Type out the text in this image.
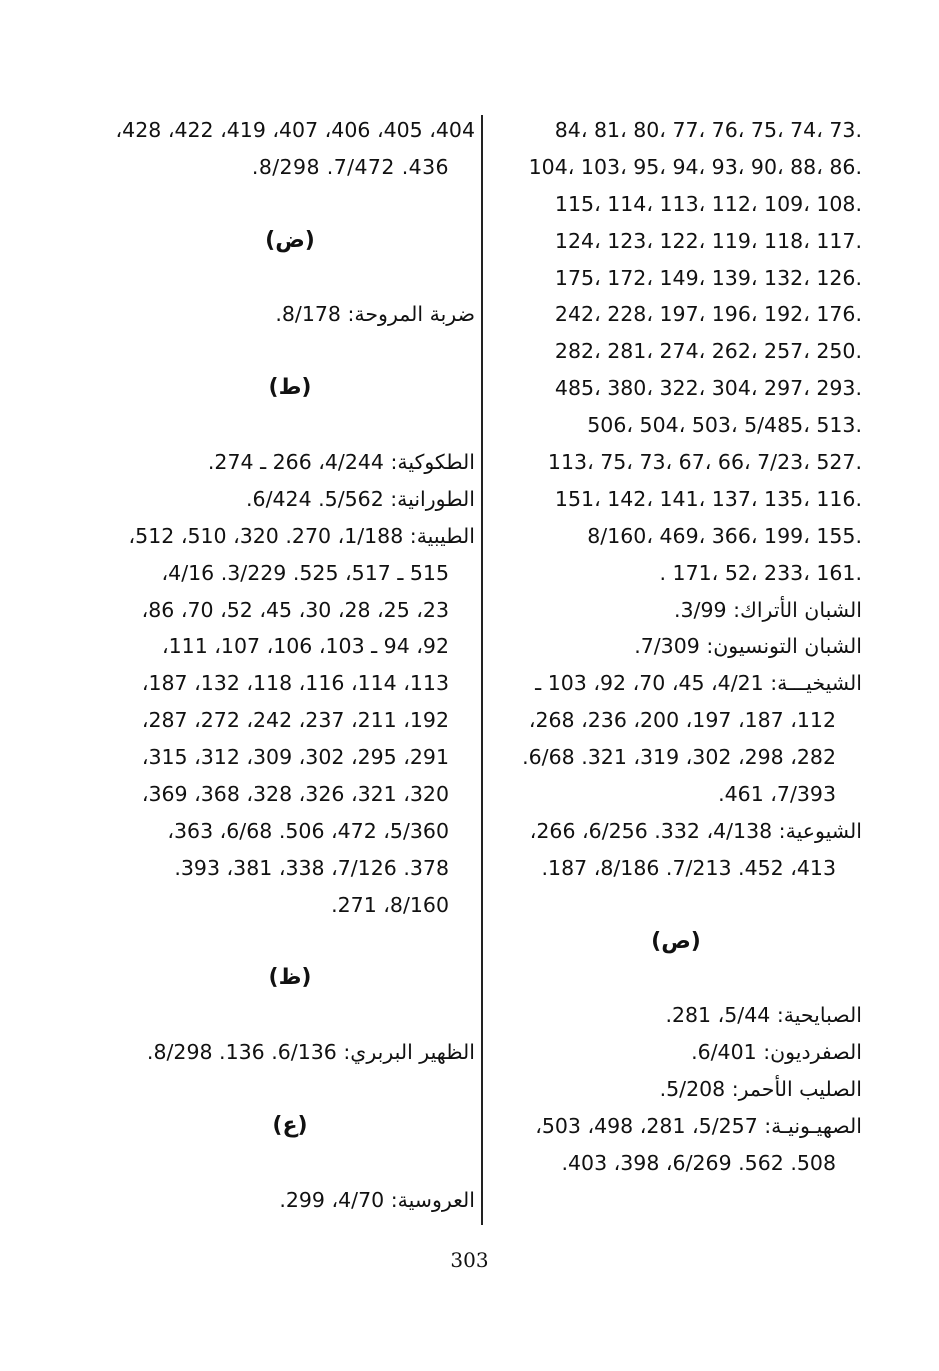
.73 ،74 ،75 ،76 ،77 ،80 ،81 ،84
.86 ،88 ،90 ،93 ،94 ،95 ،103 ،104
.108 ،109 ،112 ،113 ،114 ،115
.117 ،118 ،119 ،122 ،123 ،124
.126 ،132 ،139 ،149 ،172 ،175
.176 ،192 ،196 ،197 ،228 ،242
.250 ،257 ،262 ،274 ،281 ،282
.293 ،297 ،304 ،322 ،380 ،485
.513 ،5/485 ،503 ،504 ،506
.527 ،7/23 ،66 ،67 ،73 ،75 ،113
.116 ،135 ،137 ،141 ،142 ،151
.155 ،199 ،366 ،469 ،8/160
.161 ،233 ،52 ،171 .
الشبان الأتراك: 3/99.
الشبان التونسيون: 7/309.
الشيخيـــة: 4/21، 45، 70، 92، 103 ـ
112، 187، 197، 200، 236، 268،
282، 298، 302، 319، 321. 6/68.
7/393، 461.
الشيوعية: 4/138، 332. 6/256، 266،
413، 452. 7/213. 8/186، 187.
(ص)
الصبايحية: 5/44، 281.
الصفرديون: 6/401.
الصليب الأحمر: 5/208.
الصهيـونيـة: 5/257، 281، 498، 503،
508. 562. 6/269، 398، 403.
404، 405، 406، 407، 419، 422، 428،
436. 7/472. 8/298.
(ض)
ضربة المروحة: 8/178.
(ط)
الطكوكية: 4/244، 266 ـ 274.
الطورانية: 5/562. 6/424.
الطيبية: 1/188، 270. 320، 510، 512،
515 ـ 517، 525. 3/229. 4/16،
23، 25، 28، 30، 45، 52، 70، 86،
92، 94 ـ 103، 106، 107، 111،
113، 114، 116، 118، 132، 187،
192، 211، 237، 242، 272، 287،
291، 295، 302، 309، 312، 315،
320، 321، 326، 328، 368، 369،
5/360، 472، 506. 6/68، 363،
378. 7/126، 338، 381، 393.
8/160، 271.
(ظ)
الظهير البربري: 6/136. 136. 8/298.
(ع)
العروسية: 4/70، 299.
303
